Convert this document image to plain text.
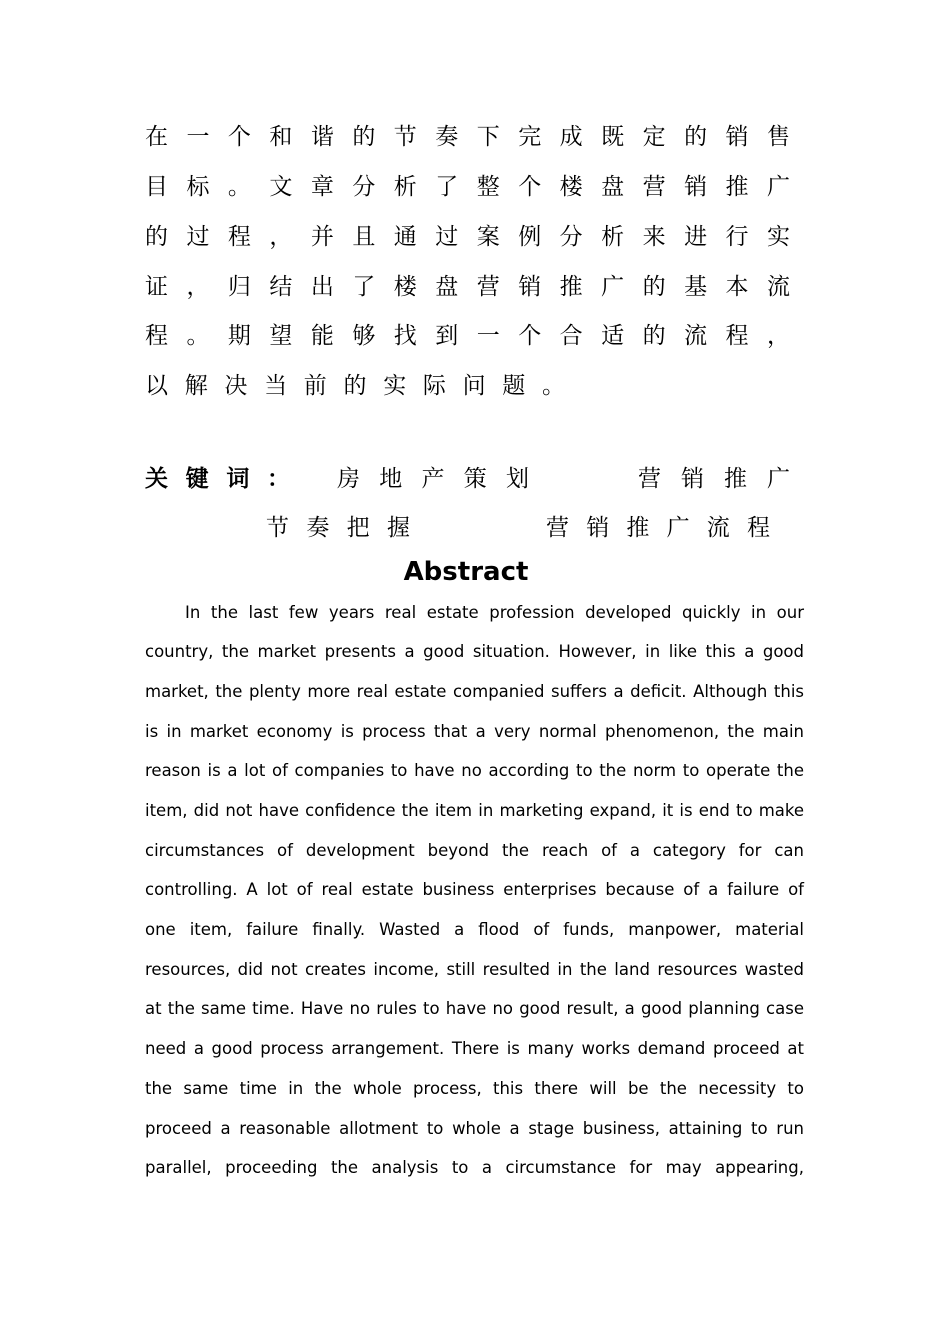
在一个和谐的节奏下完成既定的销售
目标。文章分析了整个楼盘营销推广
的过程，并且通过案例分析来进行实
证，归结出了楼盘营销推广的基本流
程。期望能够找到一个合适的流程，
以解决当前的实际问题。
关键词： 房地产策划	营销推广
节奏把握	营销推广流程
Abstract
In the last few years real estate profession developed quickly in our
country, the market presents a good situation. However, in like this a good
market, the plenty more real estate companied suffers a deficit. Although this
is in market economy is process that a very normal phenomenon, the main
reason is a lot of companies to have no according to the norm to operate the
item, did not have confidence the item in marketing expand, it is end to make
circumstances of development beyond the reach of a category for can
controlling. A lot of real estate business enterprises because of a failure of
one item, failure finally. Wasted a flood of funds, manpower, material
resources, did not creates income, still resulted in the land resources wasted
at the same time. Have no rules to have no good result, a good planning case
need a good process arrangement. There is many works demand proceed at
the same time in the whole process, this there will be the necessity to
proceed a reasonable allotment to whole a stage business, attaining to run
parallel, proceeding the analysis to a circumstance for may appearing,
